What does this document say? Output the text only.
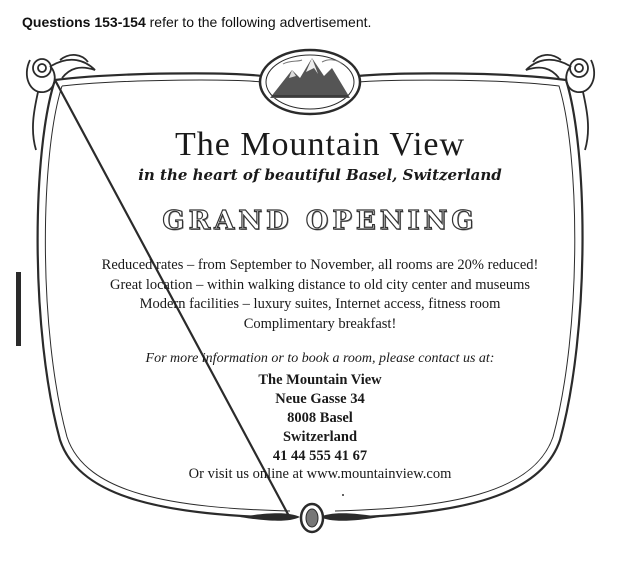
Questions 153-154 refer to the following advertisement.
The Mountain View
in the heart of beautiful Basel, Switzerland
GRAND OPENING
Reduced rates – from September to November, all rooms are 20% reduced!
Great location – within walking distance to old city center and museums
Modern facilities – luxury suites, Internet access, fitness room
Complimentary breakfast!
For more information or to book a room, please contact us at:
The Mountain View
Neue Gasse 34
8008 Basel
Switzerland
41 44 555 41 67
Or visit us online at www.mountainview.com
